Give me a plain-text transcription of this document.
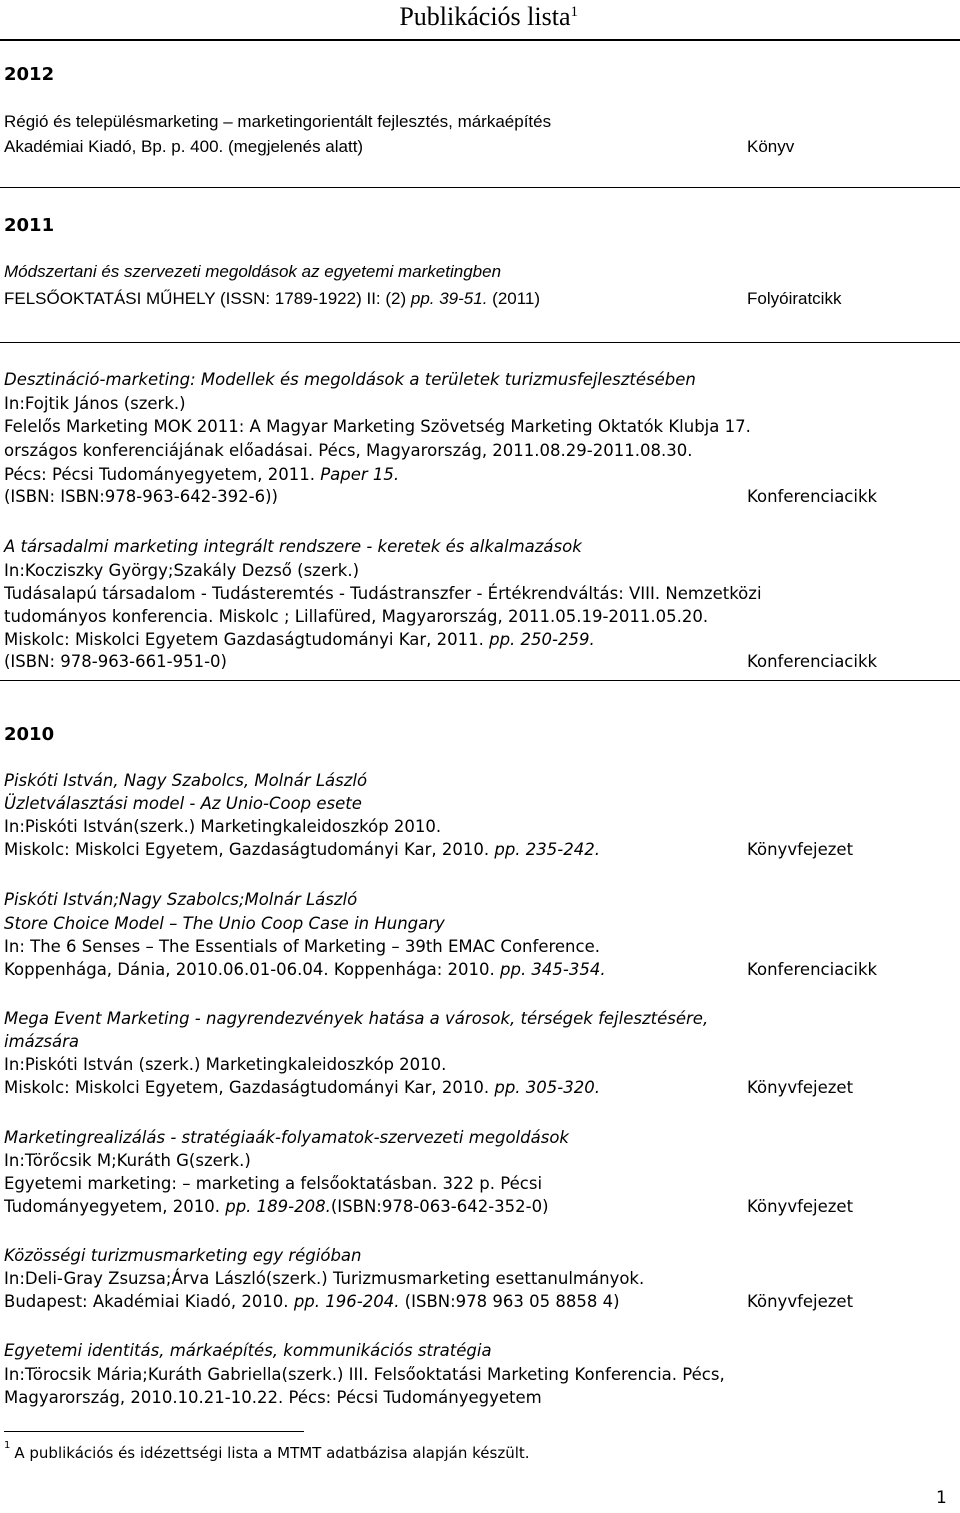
Publikációs lista$^1$
2012
Régió és településmarketing – marketingorientált fejlesztés, márkaépítés
Akadémiai Kiadó, Bp. p. 400. (megjelenés alatt)	Könyv
2011
Módszertani és szervezeti megoldások az egyetemi marketingben
FELSŐOKTATÁSI MŰHELY (ISSN: 1789-1922) II: (2) pp. 39-51. (2011)	Folyóiratcikk
Desztináció-marketing: Modellek és megoldások a területek turizmusfejlesztésében
In:Fojtik János (szerk.)
Felelős Marketing MOK 2011: A Magyar Marketing Szövetség Marketing Oktatók Klubja 17.
országos konferenciájának előadásai. Pécs, Magyarország, 2011.08.29-2011.08.30.
Pécs: Pécsi Tudományegyetem, 2011. Paper 15.
(ISBN: ISBN:978-963-642-392-6))	Konferenciacikk
A társadalmi marketing integrált rendszere - keretek és alkalmazások
In:Kocziszky György;Szakály Dezső (szerk.)
Tudásalapú társadalom - Tudásteremtés - Tudástranszfer - Értékrendváltás: VIII. Nemzetközi
tudományos konferencia. Miskolc ; Lillafüred, Magyarország, 2011.05.19-2011.05.20.
Miskolc: Miskolci Egyetem Gazdaságtudományi Kar, 2011. pp. 250-259.
(ISBN: 978-963-661-951-0)	Konferenciacikk
2010
Piskóti István, Nagy Szabolcs, Molnár László
Üzletválasztási model - Az Unio-Coop esete
In:Piskóti István(szerk.) Marketingkaleidoszkóp 2010.
Miskolc: Miskolci Egyetem, Gazdaságtudományi Kar, 2010. pp. 235-242.	Könyvfejezet
Piskóti István;Nagy Szabolcs;Molnár László
Store Choice Model – The Unio Coop Case in Hungary
In: The 6 Senses – The Essentials of Marketing – 39th EMAC Conference.
Koppenhága, Dánia, 2010.06.01-06.04. Koppenhága: 2010. pp. 345-354.	Konferenciacikk
Mega Event Marketing - nagyrendezvények hatása a városok, térségek fejlesztésére,
imázsára
In:Piskóti István (szerk.) Marketingkaleidoszkóp 2010.
Miskolc: Miskolci Egyetem, Gazdaságtudományi Kar, 2010. pp. 305-320.	Könyvfejezet
Marketingrealizálás - stratégiaák-folyamatok-szervezeti megoldások
In:Törőcsik M;Kuráth G(szerk.)
Egyetemi marketing: – marketing a felsőoktatásban. 322 p. Pécsi
Tudományegyetem, 2010. pp. 189-208.(ISBN:978-063-642-352-0)	Könyvfejezet
Közösségi turizmusmarketing egy régióban
In:Deli-Gray Zsuzsa;Árva László(szerk.) Turizmusmarketing esettanulmányok.
Budapest: Akadémiai Kiadó, 2010. pp. 196-204. (ISBN:978 963 05 8858 4)	Könyvfejezet
Egyetemi identitás, márkaépítés, kommunikációs stratégia
In:Törocsik Mária;Kuráth Gabriella(szerk.) III. Felsőoktatási Marketing Konferencia. Pécs,
Magyarország, 2010.10.21-10.22. Pécs: Pécsi Tudományegyetem
$^1$ A publikációs és idézettségi lista a MTMT adatbázisa alapján készült.
1
